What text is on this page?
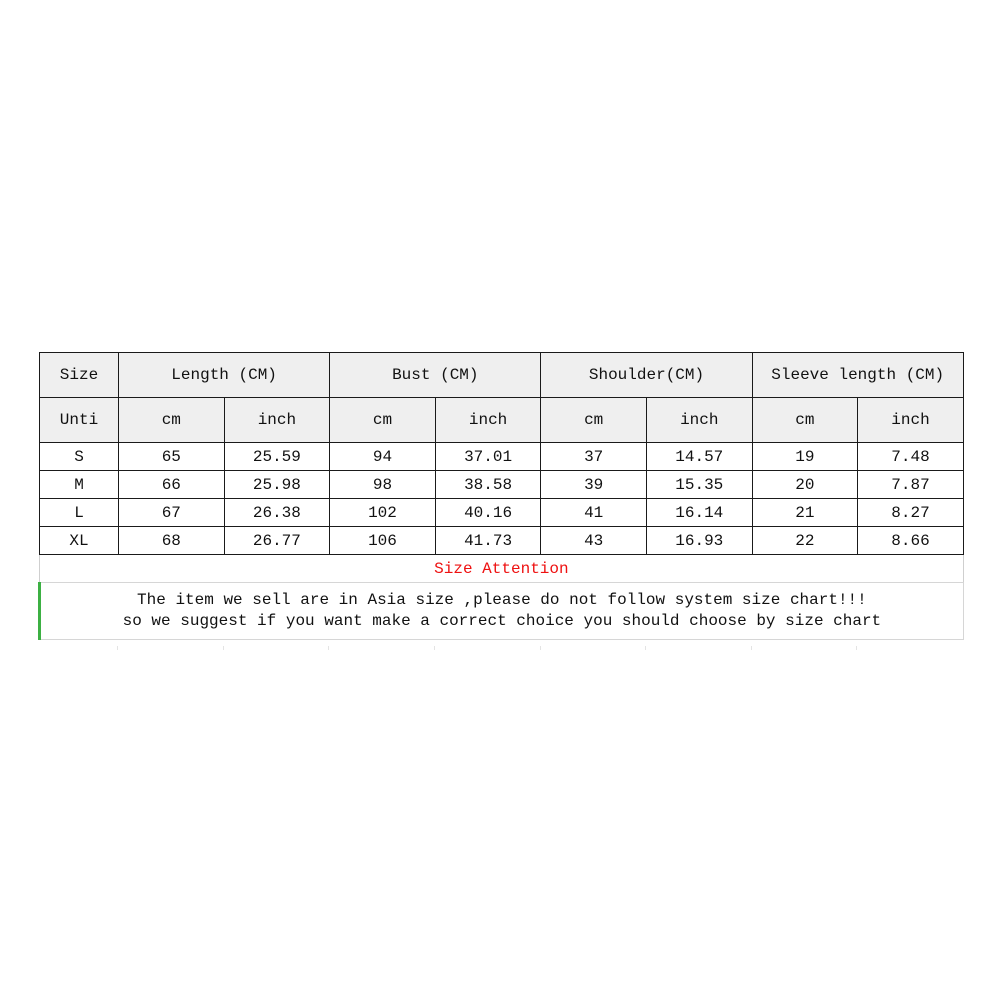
Size	Length (CM)		Bust (CM)		Shoulder(CM)		Sleeve length (CM)	
Unti	cm	inch	cm	inch	cm	inch	cm	inch
S	65	25.59	94	37.01	37	14.57	19	7.48
M	66	25.98	98	38.58	39	15.35	20	7.87
L	67	26.38	102	40.16	41	16.14	21	8.27
XL	68	26.77	106	41.73	43	16.93	22	8.66
Size Attention								

The item we sell are in Asia size ,please do not follow system size chart!!!
so we suggest if you want make a correct choice you should choose by size chart								
